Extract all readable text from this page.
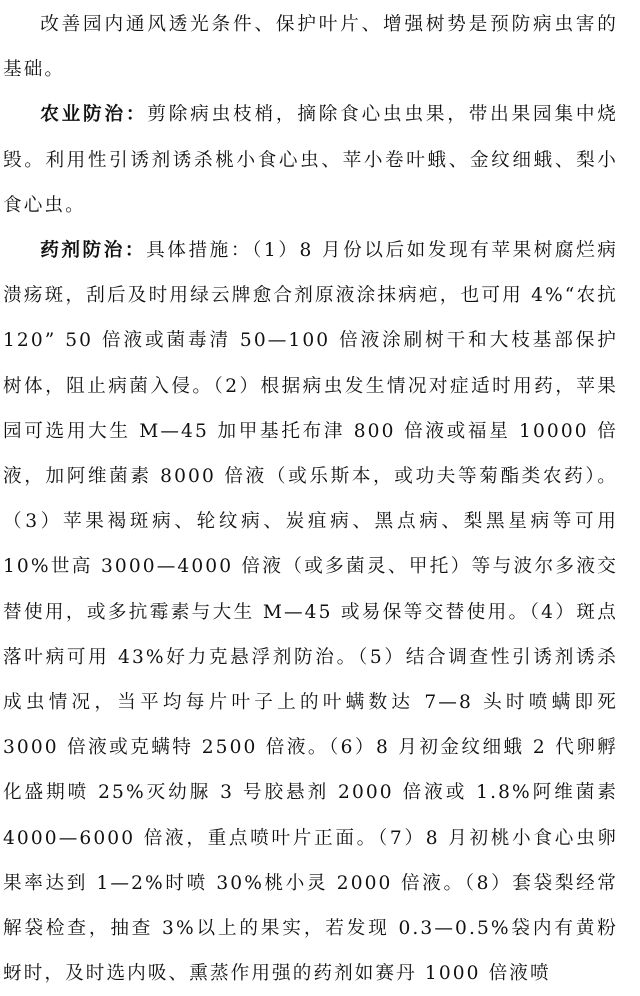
改善园内通风透光条件、保护叶片、增强树势是预防病虫害的基础。

农业防治：剪除病虫枝梢，摘除食心虫虫果，带出果园集中烧毁。利用性引诱剂诱杀桃小食心虫、苹小卷叶蛾、金纹细蛾、梨小食心虫。

药剂防治：具体措施：（1）8 月份以后如发现有苹果树腐烂病溃疡斑，刮后及时用绿云牌愈合剂原液涂抹病疤，也可用 4%“农抗 120” 50 倍液或菌毒清 50—100 倍液涂刷树干和大枝基部保护树体，阻止病菌入侵。（2）根据病虫发生情况对症适时用药，苹果园可选用大生 M—45 加甲基托布津 800 倍液或福星 10000 倍液，加阿维菌素 8000 倍液（或乐斯本，或功夫等菊酯类农药）。（3）苹果褐斑病、轮纹病、炭疽病、黑点病、梨黑星病等可用 10%世高 3000—4000 倍液（或多菌灵、甲托）等与波尔多液交替使用，或多抗霉素与大生 M—45 或易保等交替使用。（4）斑点落叶病可用 43%好力克悬浮剂防治。（5）结合调查性引诱剂诱杀成虫情况，当平均每片叶子上的叶螨数达 7—8 头时喷螨即死 3000 倍液或克螨特 2500 倍液。（6）8 月初金纹细蛾 2 代卵孵化盛期喷 25%灭幼脲 3 号胶悬剂 2000 倍液或 1.8%阿维菌素 4000—6000 倍液，重点喷叶片正面。（7）8 月初桃小食心虫卵果率达到 1—2%时喷 30%桃小灵 2000 倍液。（8）套袋梨经常解袋检查，抽查 3%以上的果实，若发现 0.3—0.5%袋内有黄粉蚜时，及时选内吸、熏蒸作用强的药剂如赛丹 1000 倍液喷
